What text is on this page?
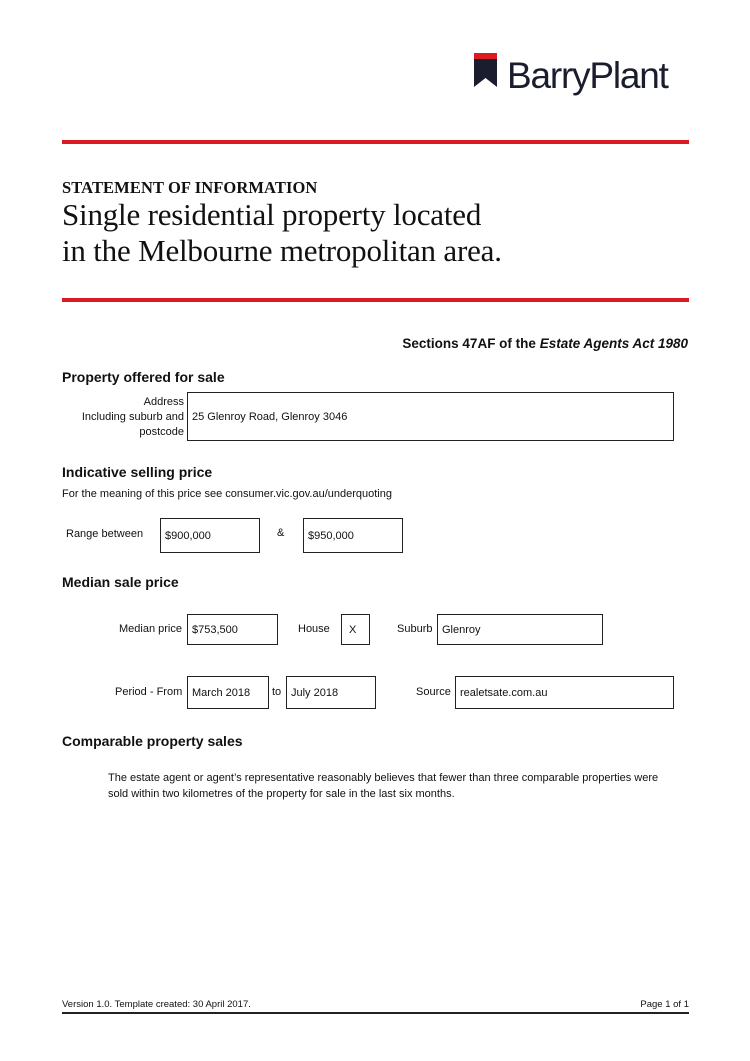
BarryPlant
STATEMENT OF INFORMATION
Single residential property located
in the Melbourne metropolitan area.
Sections 47AF of the Estate Agents Act 1980
Property offered for sale
Address
Including suburb and
postcode
25 Glenroy Road, Glenroy 3046
Indicative selling price
For the meaning of this price see consumer.vic.gov.au/underquoting
Range between $900,000	& $950,000
Median sale price
Median price $753,500	House X	Suburb Glenroy
Period - From March 2018 to July 2018	Source realetsate.com.au
Comparable property sales
The estate agent or agent’s representative reasonably believes that fewer than three comparable properties were
sold within two kilometres of the property for sale in the last six months.
Version 1.0. Template created: 30 April 2017.	Page 1 of 1
